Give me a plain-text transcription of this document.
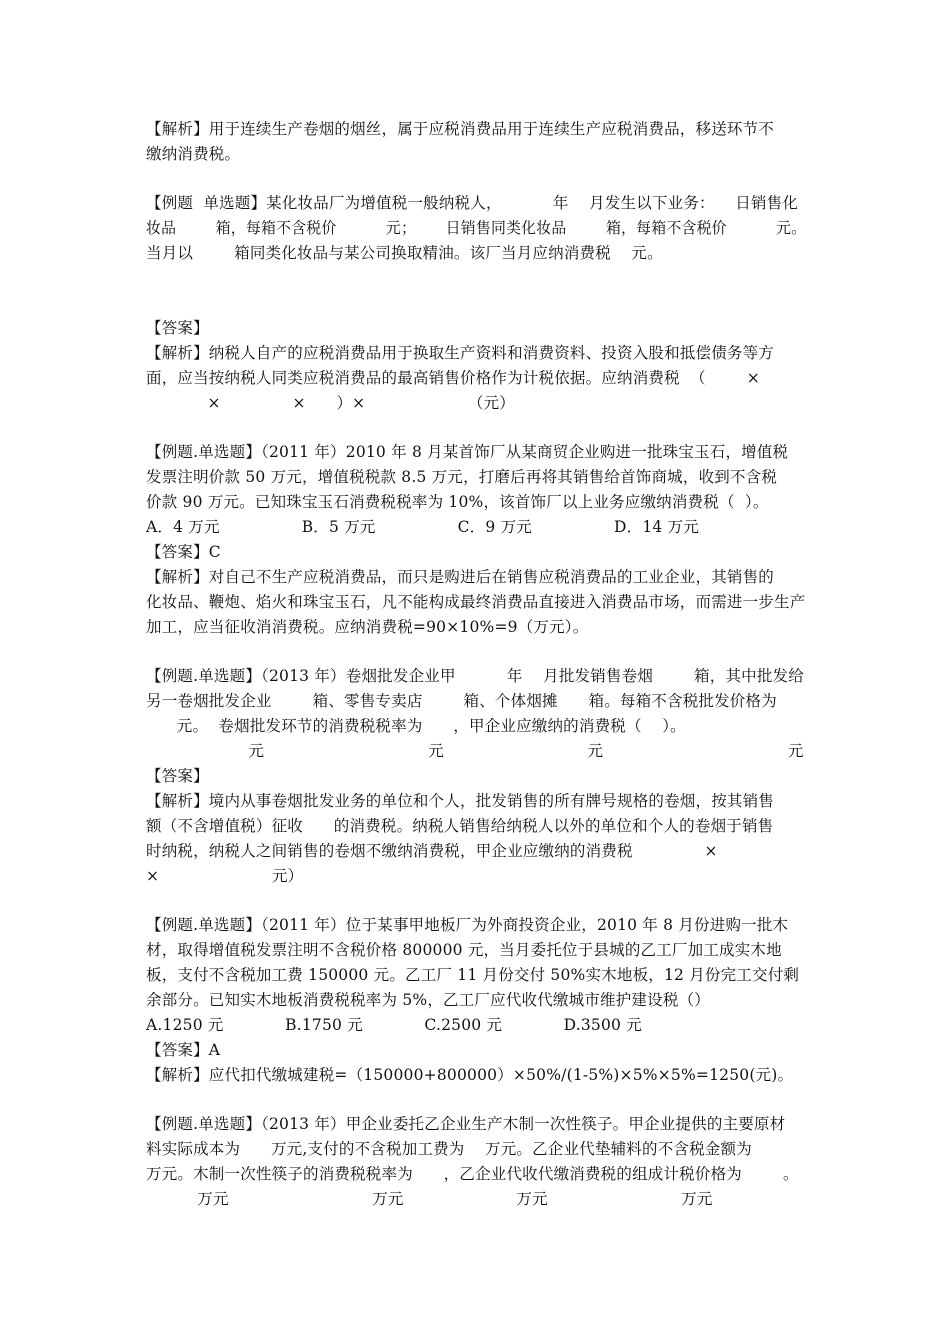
【解析】用于连续生产卷烟的烟丝，属于应税消费品用于连续生产应税消费品，移送环节不
缴纳消费税。
【例题  单选题】某化妆品厂为增值税一般纳税人，          年    月发生以下业务：    日销售化
妆品        箱，每箱不含税价          元；      日销售同类化妆品        箱，每箱不含税价          元。
当月以        箱同类化妆品与某公司换取精油。该厂当月应纳消费税    元。
【答案】
【解析】纳税人自产的应税消费品用于换取生产资料和消费资料、投资入股和抵偿债务等方
面，应当按纳税人同类应税消费品的最高销售价格作为计税依据。应纳消费税  （        ×
×              ×      ）×                    （元）
【例题.单选题】（2011 年）2010 年 8 月某首饰厂从某商贸企业购进一批珠宝玉石，增值税
发票注明价款 50 万元，增值税税款 8.5 万元，打磨后再将其销售给首饰商城，收到不含税
价款 90 万元。已知珠宝玉石消费税税率为 10%，该首饰厂以上业务应缴纳消费税（  ）。
A．4 万元                B．5 万元                C．9 万元                D．14 万元
【答案】C
【解析】对自己不生产应税消费品，而只是购进后在销售应税消费品的工业企业，其销售的
化妆品、鞭炮、焰火和珠宝玉石，凡不能构成最终消费品直接进入消费品市场，而需进一步生产
加工，应当征收消消费税。应纳消费税=90×10%=9（万元）。
【例题.单选题】（2013 年）卷烟批发企业甲          年    月批发销售卷烟        箱，其中批发给
另一卷烟批发企业        箱、零售专卖店        箱、个体烟摊      箱。每箱不含税批发价格为
元。  卷烟批发环节的消费税税率为      ，甲企业应缴纳的消费税（    ）。
元                                元                            元                                    元
【答案】
【解析】境内从事卷烟批发业务的单位和个人，批发销售的所有牌号规格的卷烟，按其销售
额（不含增值税）征收      的消费税。纳税人销售给纳税人以外的单位和个人的卷烟于销售
时纳税，纳税人之间销售的卷烟不缴纳消费税，甲企业应缴纳的消费税              ×
×                      元）
【例题.单选题】（2011 年）位于某事甲地板厂为外商投资企业，2010 年 8 月份进购一批木
材，取得增值税发票注明不含税价格 800000 元，当月委托位于县城的乙工厂加工成实木地
板，支付不含税加工费 150000 元。乙工厂 11 月份交付 50%实木地板，12 月份完工交付剩
余部分。已知实木地板消费税税率为 5%，乙工厂应代收代缴城市维护建设税（）
A.1250 元            B.1750 元            C.2500 元            D.3500 元
【答案】A
【解析】应代扣代缴城建税=（150000+800000）×50%/(1-5%)×5%×5%=1250(元)。
【例题.单选题】（2013 年）甲企业委托乙企业生产木制一次性筷子。甲企业提供的主要原材
料实际成本为      万元,支付的不含税加工费为    万元。乙企业代垫辅料的不含税金额为
万元。木制一次性筷子的消费税税率为      ，乙企业代收代缴消费税的组成计税价格为        。
万元                            万元                      万元                          万元
